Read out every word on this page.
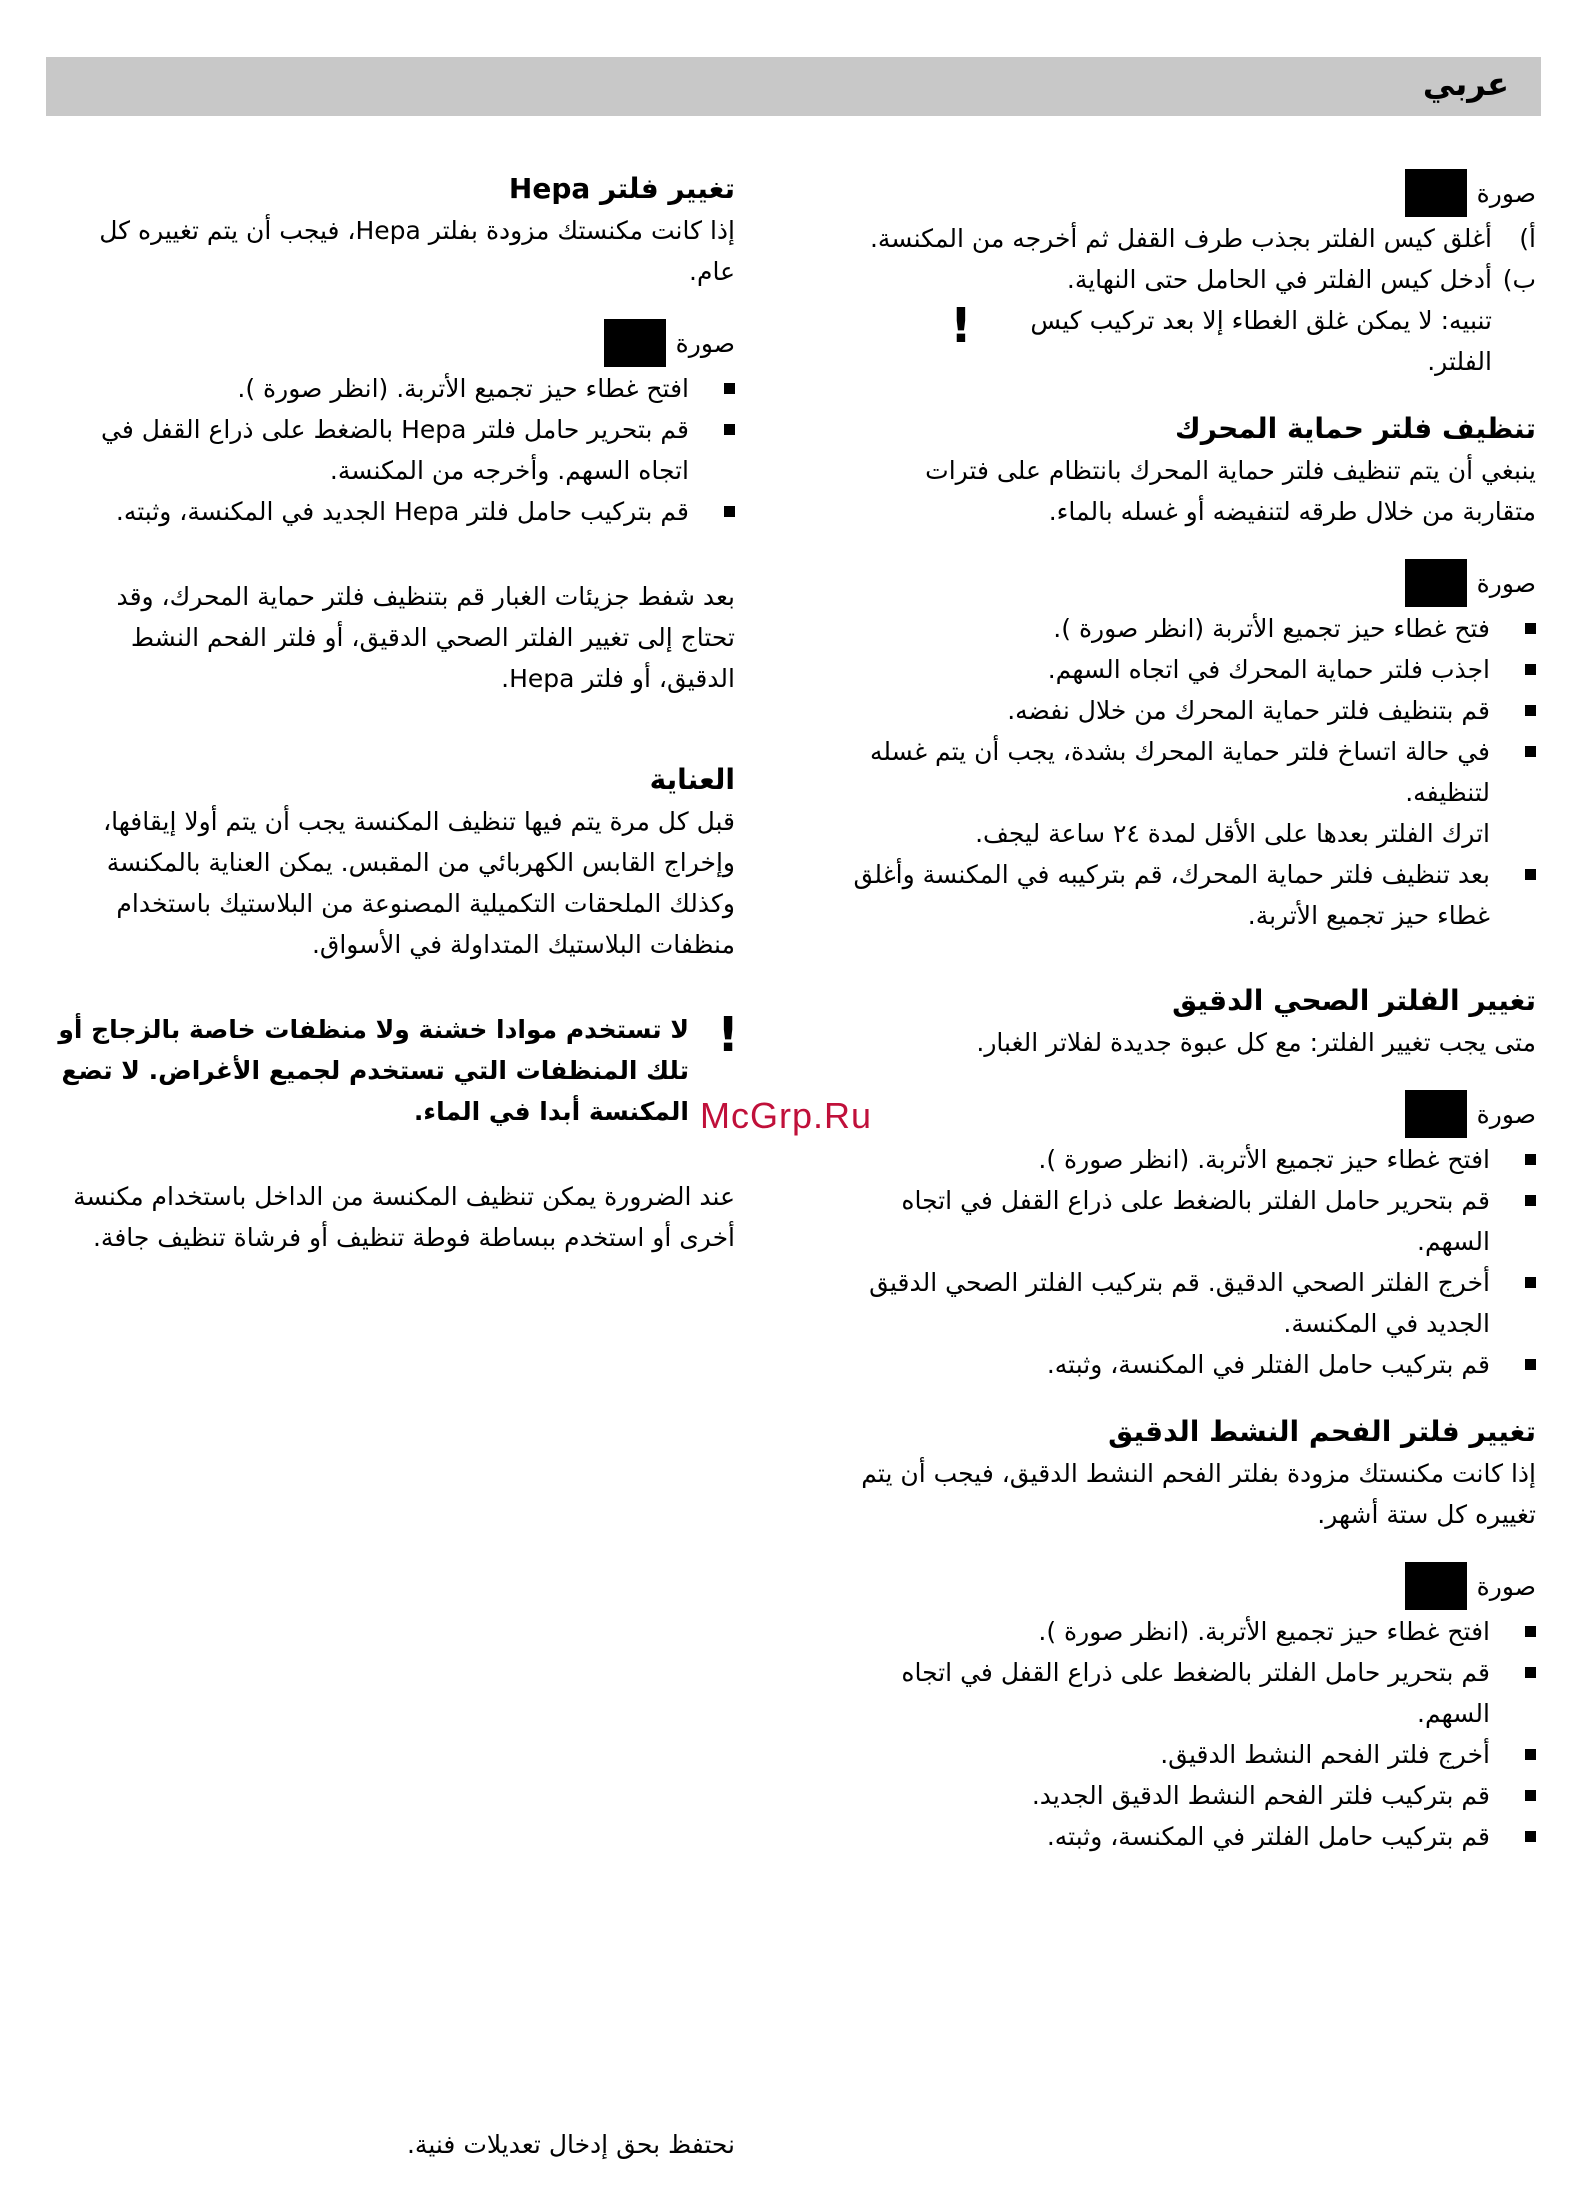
عربي
صورة
أ)
أغلق كيس الفلتر بجذب طرف القفل ثم أخرجه من المكنسة.
ب)
أدخل كيس الفلتر في الحامل حتى النهاية.
! تنبيه: لا يمكن غلق الغطاء إلا بعد تركيب كيس الفلتر.
تنظيف فلتر حماية المحرك

ينبغي أن يتم تنظيف فلتر حماية المحرك بانتظام على فترات متقاربة من خلال طرقه لتنفيضه أو غسله بالماء.

صورة
فتح غطاء حيز تجميع الأتربة (انظر صورة ).
اجذب فلتر حماية المحرك في اتجاه السهم.
قم بتنظيف فلتر حماية المحرك من خلال نفضه.
في حالة اتساخ فلتر حماية المحرك بشدة، يجب أن يتم غسله لتنظيفه.
اترك الفلتر بعدها على الأقل لمدة ٢٤ ساعة ليجف.
بعد تنظيف فلتر حماية المحرك، قم بتركيبه في المكنسة وأغلق غطاء حيز تجميع الأتربة.
تغيير الفلتر الصحي الدقيق

متى يجب تغيير الفلتر: مع كل عبوة جديدة لفلاتر الغبار.

صورة
افتح غطاء حيز تجميع الأتربة. (انظر صورة ).
قم بتحرير حامل الفلتر بالضغط على ذراع القفل في اتجاه السهم.
أخرج الفلتر الصحي الدقيق. قم بتركيب الفلتر الصحي الدقيق الجديد في المكنسة.
قم بتركيب حامل الفتلر في المكنسة، وثبته.
تغيير فلتر الفحم النشط الدقيق

إذا كانت مكنستك مزودة بفلتر الفحم النشط الدقيق، فيجب أن يتم تغييره كل ستة أشهر.

صورة
افتح غطاء حيز تجميع الأتربة. (انظر صورة ).
قم بتحرير حامل الفلتر بالضغط على ذراع القفل في اتجاه السهم.
أخرج فلتر الفحم النشط الدقيق.
قم بتركيب فلتر الفحم النشط الدقيق الجديد.
قم بتركيب حامل الفلتر في المكنسة، وثبته.
تغيير فلتر Hepa

إذا كانت مكنستك مزودة بفلتر Hepa، فيجب أن يتم تغييره كل عام.

صورة
افتح غطاء حيز تجميع الأتربة. (انظر صورة ).
قم بتحرير حامل فلتر Hepa بالضغط على ذراع القفل في اتجاه السهم. وأخرجه من المكنسة.
قم بتركيب حامل فلتر Hepa الجديد في المكنسة، وثبته.

بعد شفط جزيئات الغبار قم بتنظيف فلتر حماية المحرك، وقد تحتاج إلى تغيير الفلتر الصحي الدقيق، أو فلتر الفحم النشط الدقيق، أو فلتر Hepa.

العناية

قبل كل مرة يتم فيها تنظيف المكنسة يجب أن يتم أولا إيقافها، وإخراج القابس الكهربائي من المقبس. يمكن العناية بالمكنسة وكذلك الملحقات التكميلية المصنوعة من البلاستيك باستخدام منظفات البلاستيك المتداولة في الأسواق.

!

لا تستخدم موادا خشنة ولا منظفات خاصة بالزجاج أو تلك المنظفات التي تستخدم لجميع الأغراض. لا تضع المكنسة أبدا في الماء.

عند الضرورة يمكن تنظيف المكنسة من الداخل باستخدام مكنسة أخرى أو استخدم ببساطة فوطة تنظيف أو فرشاة تنظيف جافة.

McGrp.Ru
نحتفظ بحق إدخال تعديلات فنية.
